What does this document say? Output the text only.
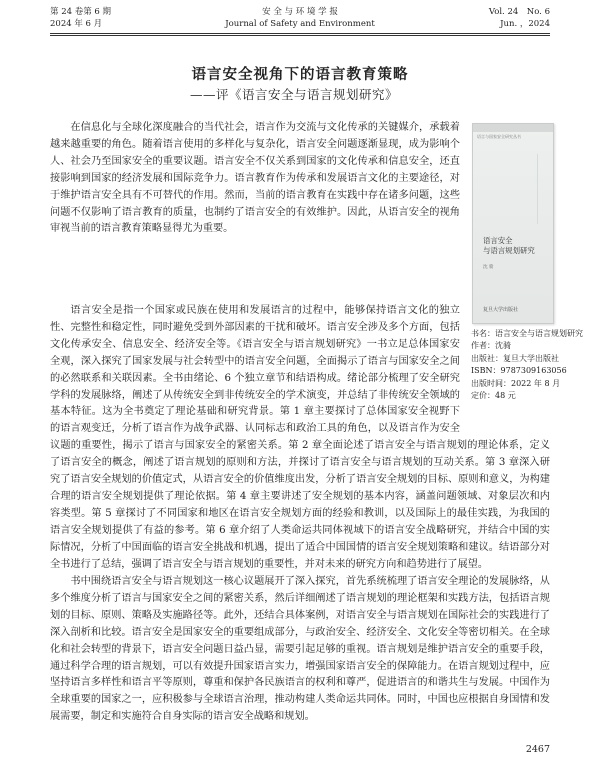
第 24 卷第 6 期
2024 年 6 月
安 全 与 环 境 学 报
Journal of Safety and Environment
Vol. 24　No. 6
Jun. ，2024
语言安全视角下的语言教育策略
——评《语言安全与语言规划研究》

在信息化与全球化深度融合的当代社会，语言作为交流与文化传承的关键媒介，承载着越来越重要的角色。随着语言使用的多样化与复杂化，语言安全问题逐渐显现，成为影响个人、社会乃至国家安全的重要议题。语言安全不仅关系到国家的文化传承和信息安全，还直接影响到国家的经济发展和国际竞争力。语言教育作为传承和发展语言文化的主要途径，对于维护语言安全具有不可替代的作用。然而，当前的语言教育在实践中存在诸多问题，这些问题不仅影响了语言教育的质量，也制约了语言安全的有效维护。因此，从语言安全的视角审视当前的语言教育策略显得尤为重要。

语言与国家安全研究丛书
语言安全
与语言规划研究
沈 骑
复旦大学出版社
书名：语言安全与语言规划研究
作者：沈骑
出版社：复旦大学出版社
ISBN：9787309163056
出版时间：2022 年 8 月
定价：48 元

语言安全是指一个国家或民族在使用和发展语言的过程中，能够保持语言文化的独立性、完整性和稳定性，同时避免受到外部因素的干扰和破坏。语言安全涉及多个方面，包括文化传承安全、信息安全、经济安全等。《语言安全与语言规划研究》一书立足总体国家安全观，深入探究了国家发展与社会转型中的语言安全问题，全面揭示了语言与国家安全之间的必然联系和关联因素。全书由绪论、6 个独立章节和结语构成。绪论部分梳理了安全研究学科的发展脉络，阐述了从传统安全到非传统安全的学术演变，并总结了非传统安全领域的基本特征。这为全书奠定了理论基础和研究背景。第 1 章主要探讨了总体国家安全视野下的语言观变迁，分析了语言作为战争武器、认同标志和政治工具的角色，以及语言作为安全
议题的重要性，揭示了语言与国家安全的紧密关系。第 2 章全面论述了语言安全与语言规划的理论体系，定义了语言安全的概念，阐述了语言规划的原则和方法，并探讨了语言安全与语言规划的互动关系。第 3 章深入研究了语言安全规划的价值定式，从语言安全的价值维度出发，分析了语言安全规划的目标、原则和意义，为构建合理的语言安全规划提供了理论依据。第 4 章主要讲述了安全规划的基本内容，涵盖问题领域、对象层次和内容类型。第 5 章探讨了不同国家和地区在语言安全规划方面的经验和教训，以及国际上的最佳实践，为我国的语言安全规划提供了有益的参考。第 6 章介绍了人类命运共同体视域下的语言安全战略研究，并结合中国的实际情况，分析了中国面临的语言安全挑战和机遇，提出了适合中国国情的语言安全规划策略和建议。结语部分对全书进行了总结，强调了语言安全与语言规划的重要性，并对未来的研究方向和趋势进行了展望。

书中围绕语言安全与语言规划这一核心议题展开了深入探究，首先系统梳理了语言安全理论的发展脉络，从多个维度分析了语言与国家安全之间的紧密关系，然后详细阐述了语言规划的理论框架和实践方法，包括语言规划的目标、原则、策略及实施路径等。此外，还结合具体案例，对语言安全与语言规划在国际社会的实践进行了深入剖析和比较。语言安全是国家安全的重要组成部分，与政治安全、经济安全、文化安全等密切相关。在全球化和社会转型的背景下，语言安全问题日益凸显，需要引起足够的重视。语言规划是维护语言安全的重要手段，通过科学合理的语言规划，可以有效提升国家语言实力，增强国家语言安全的保障能力。在语言规划过程中，应坚持语言多样性和语言平等原则，尊重和保护各民族语言的权利和尊严，促进语言的和谐共生与发展。中国作为全球重要的国家之一，应积极参与全球语言治理，推动构建人类命运共同体。同时，中国也应根据自身国情和发展需要，制定和实施符合自身实际的语言安全战略和规划。

2467
